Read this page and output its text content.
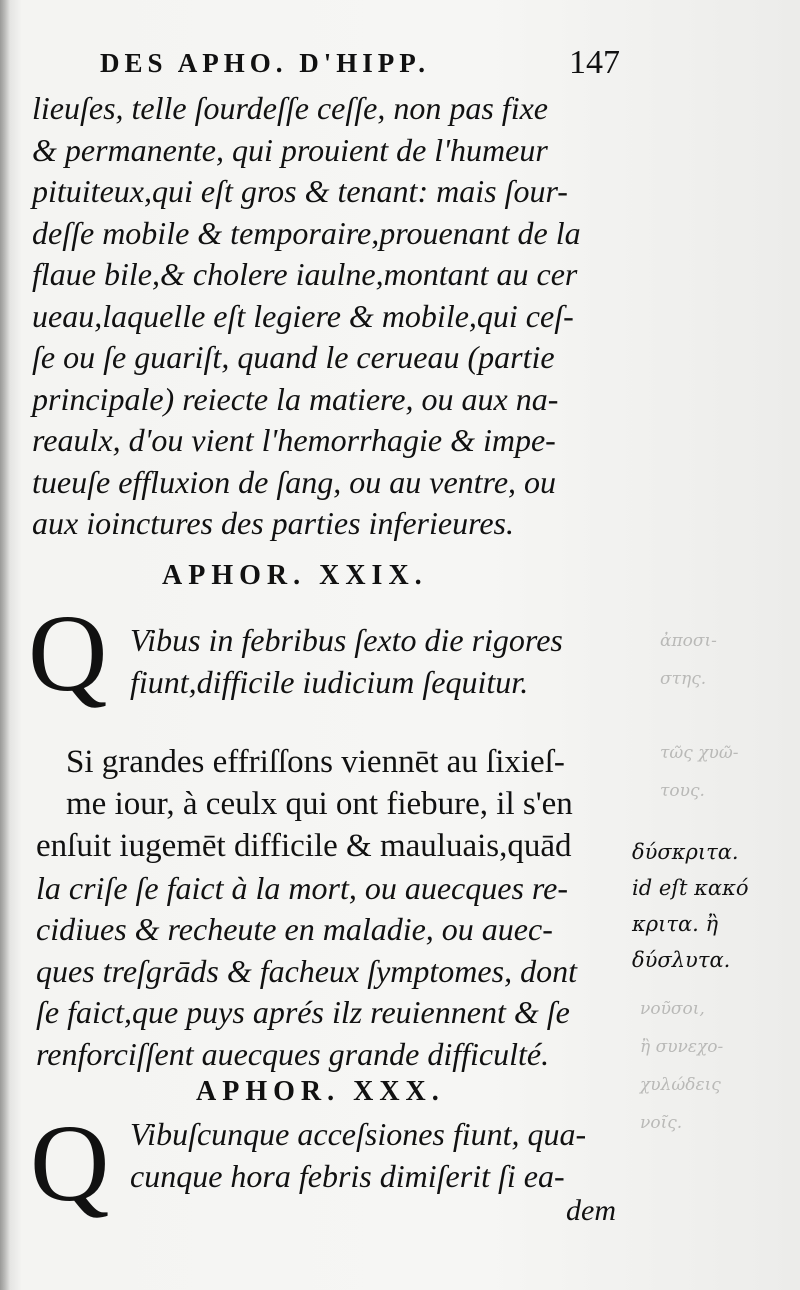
DES APHO. D'HIPP.	147
lieuſes, telle ſourdeſſe ceſſe, non pas fixe
& permanente, qui prouient de l'humeur
pituiteux,qui eſt gros & tenant: mais ſour-
deſſe mobile & temporaire,prouenant de la
flaue bile,& cholere iaulne,montant au cer
ueau,laquelle eſt legiere & mobile,qui ceſ-
ſe ou ſe guariſt, quand le cerueau (partie
principale) reiecte la matiere, ou aux na-
reaulx, d'ou vient l'hemorrhagie & impe-
tueuſe effluxion de ſang, ou au ventre, ou
aux ioinctures des parties inferieures.
APHOR. XXIX.
Q Vibus in febribus ſexto die rigores
fiunt,difficile iudicium ſequitur.
Si grandes effriſſons viennēt au ſixieſ-
me iour, à ceulx qui ont fiebure, il s'en
enſuit iugemēt difficile & mauluais,quād
la criſe ſe faict à la mort, ou auecques re-
cidiues & recheute en maladie, ou auec-
ques treſgrāds & facheux ſymptomes, dont
ſe faict,que puys aprés ilz reuiennent & ſe
renforciſſent auecques grande difficulté.
ἀποσι-
στης.
τῶς χυῶ-
τους.
δύσκριτα.
id eſt κακό
κριτα. ἢ
δύσλυτα.
νοῦσοι,
ἢ συνεχο-
χυλώδεις
νοῖς.
APHOR. XXX.
Q Vibuſcunque acceſsiones fiunt, qua-
cunque hora febris dimiſerit ſi ea-
dem
